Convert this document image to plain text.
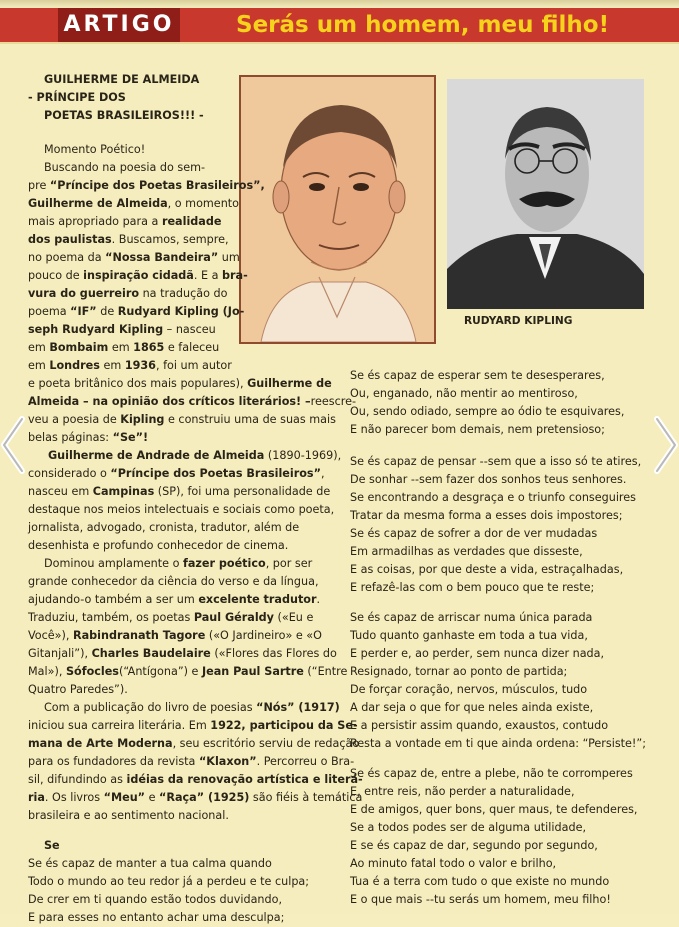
ARTIGO	Serás um homem, meu filho!
GUILHERME DE ALMEIDA
- PRÍNCIPE DOS
POETAS BRASILEIROS!!! -
RUDYARD KIPLING
Momento Poético!
Buscando na poesia do sem-
pre “Príncipe dos Poetas Brasileiros”,
Guilherme de Almeida, o momento
mais apropriado para a realidade
dos paulistas. Buscamos, sempre,
no poema da “Nossa Bandeira” um
pouco de inspiração cidadã. E a bra-
vura do guerreiro na tradução do
poema “IF” de Rudyard Kipling (Jo-
seph Rudyard Kipling – nasceu
em Bombaim em 1865 e faleceu
em Londres em 1936, foi um autor
e poeta britânico dos mais populares), Guilherme de
Almeida – na opinião dos críticos literários! –reescre-
veu a poesia de Kipling e construiu uma de suas mais
belas páginas: “Se”!
Guilherme de Andrade de Almeida (1890-1969),
considerado o “Príncipe dos Poetas Brasileiros”,
nasceu em Campinas (SP), foi uma personalidade de
destaque nos meios intelectuais e sociais como poeta,
jornalista, advogado, cronista, tradutor, além de
desenhista e profundo conhecedor de cinema.
Dominou amplamente o fazer poético, por ser
grande conhecedor da ciência do verso e da língua,
ajudando-o também a ser um excelente tradutor.
Traduziu, também, os poetas Paul Géraldy («Eu e
Você»), Rabindranath Tagore («O Jardineiro» e «O
Gitanjali”), Charles Baudelaire («Flores das Flores do
Mal»), Sófocles(“Antígona”) e Jean Paul Sartre (“Entre
Quatro Paredes”).
Com a publicação do livro de poesias “Nós” (1917)
iniciou sua carreira literária. Em 1922, participou da Se-
mana de Arte Moderna, seu escritório serviu de redação
para os fundadores da revista “Klaxon”. Percorreu o Bra-
sil, difundindo as idéias da renovação artística e literá-
ria. Os livros “Meu” e “Raça” (1925) são fiéis à temática
brasileira e ao sentimento nacional.
Se
Se és capaz de manter a tua calma quando
Todo o mundo ao teu redor já a perdeu e te culpa;
De crer em ti quando estão todos duvidando,
E para esses no entanto achar uma desculpa;
Se és capaz de esperar sem te desesperares,
Ou, enganado, não mentir ao mentiroso,
Ou, sendo odiado, sempre ao ódio te esquivares,
E não parecer bom demais, nem pretensioso;
Se és capaz de pensar --sem que a isso só te atires,
De sonhar --sem fazer dos sonhos teus senhores.
Se encontrando a desgraça e o triunfo conseguires
Tratar da mesma forma a esses dois impostores;
Se és capaz de sofrer a dor de ver mudadas
Em armadilhas as verdades que disseste,
E as coisas, por que deste a vida, estraçalhadas,
E refazê-las com o bem pouco que te reste;
Se és capaz de arriscar numa única parada
Tudo quanto ganhaste em toda a tua vida,
E perder e, ao perder, sem nunca dizer nada,
Resignado, tornar ao ponto de partida;
De forçar coração, nervos, músculos, tudo
A dar seja o que for que neles ainda existe,
E a persistir assim quando, exaustos, contudo
Resta a vontade em ti que ainda ordena: “Persiste!”;
Se és capaz de, entre a plebe, não te corromperes
E, entre reis, não perder a naturalidade,
E de amigos, quer bons, quer maus, te defenderes,
Se a todos podes ser de alguma utilidade,
E se és capaz de dar, segundo por segundo,
Ao minuto fatal todo o valor e brilho,
Tua é a terra com tudo o que existe no mundo
E o que mais --tu serás um homem, meu filho!
